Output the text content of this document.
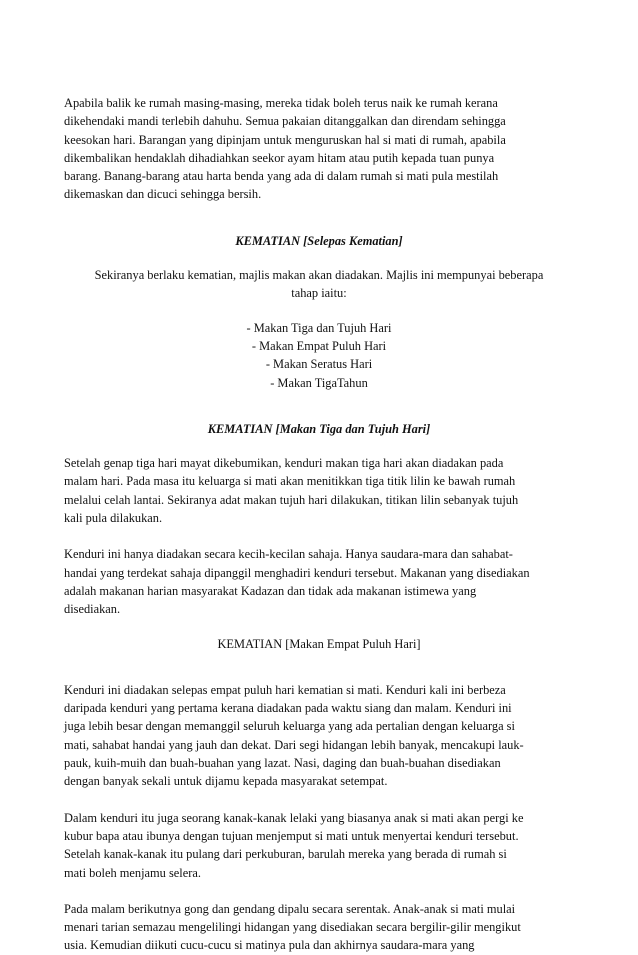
Apabila balik ke rumah masing-masing, mereka tidak boleh terus naik ke rumah kerana
dikehendaki mandi terlebih dahuhu. Semua pakaian ditanggalkan dan direndam sehingga
keesokan hari. Barangan yang dipinjam untuk menguruskan hal si mati di rumah, apabila
dikembalikan hendaklah dihadiahkan seekor ayam hitam atau putih kepada tuan punya
barang. Banang-barang atau harta benda yang ada di dalam rumah si mati pula mestilah
dikemaskan dan dicuci sehingga bersih.

KEMATIAN [Selepas Kematian]

Sekiranya berlaku kematian, majlis makan akan diadakan. Majlis ini mempunyai beberapa
tahap iaitu:

- Makan Tiga dan Tujuh Hari
- Makan Empat Puluh Hari
- Makan Seratus Hari
- Makan TigaTahun
KEMATIAN [Makan Tiga dan Tujuh Hari]

Setelah genap tiga hari mayat dikebumikan, kenduri makan tiga hari akan diadakan pada
malam hari. Pada masa itu keluarga si mati akan menitikkan tiga titik lilin ke bawah rumah
melalui celah lantai. Sekiranya adat makan tujuh hari dilakukan, titikan lilin sebanyak tujuh
kali pula dilakukan.

Kenduri ini hanya diadakan secara kecih-kecilan sahaja. Hanya saudara-mara dan sahabat-
handai yang terdekat sahaja dipanggil menghadiri kenduri tersebut. Makanan yang disediakan
adalah makanan harian masyarakat Kadazan dan tidak ada makanan istimewa yang
disediakan.

KEMATIAN [Makan Empat Puluh Hari]

Kenduri ini diadakan selepas empat puluh hari kematian si mati. Kenduri kali ini berbeza
daripada kenduri yang pertama kerana diadakan pada waktu siang dan malam. Kenduri ini
juga lebih besar dengan memanggil seluruh keluarga yang ada pertalian dengan keluarga si
mati, sahabat handai yang jauh dan dekat. Dari segi hidangan lebih banyak, mencakupi lauk-
pauk, kuih-muih dan buah-buahan yang lazat. Nasi, daging dan buah-buahan disediakan
dengan banyak sekali untuk dijamu kepada masyarakat setempat.

Dalam kenduri itu juga seorang kanak-kanak lelaki yang biasanya anak si mati akan pergi ke
kubur bapa atau ibunya dengan tujuan menjemput si mati untuk menyertai kenduri tersebut.
Setelah kanak-kanak itu pulang dari perkuburan, barulah mereka yang berada di rumah si
mati boleh menjamu selera.

Pada malam berikutnya gong dan gendang dipalu secara serentak. Anak-anak si mati mulai
menari tarian semazau mengelilingi hidangan yang disediakan secara bergilir-gilir mengikut
usia. Kemudian diikuti cucu-cucu si matinya pula dan akhirnya saudara-mara yang
